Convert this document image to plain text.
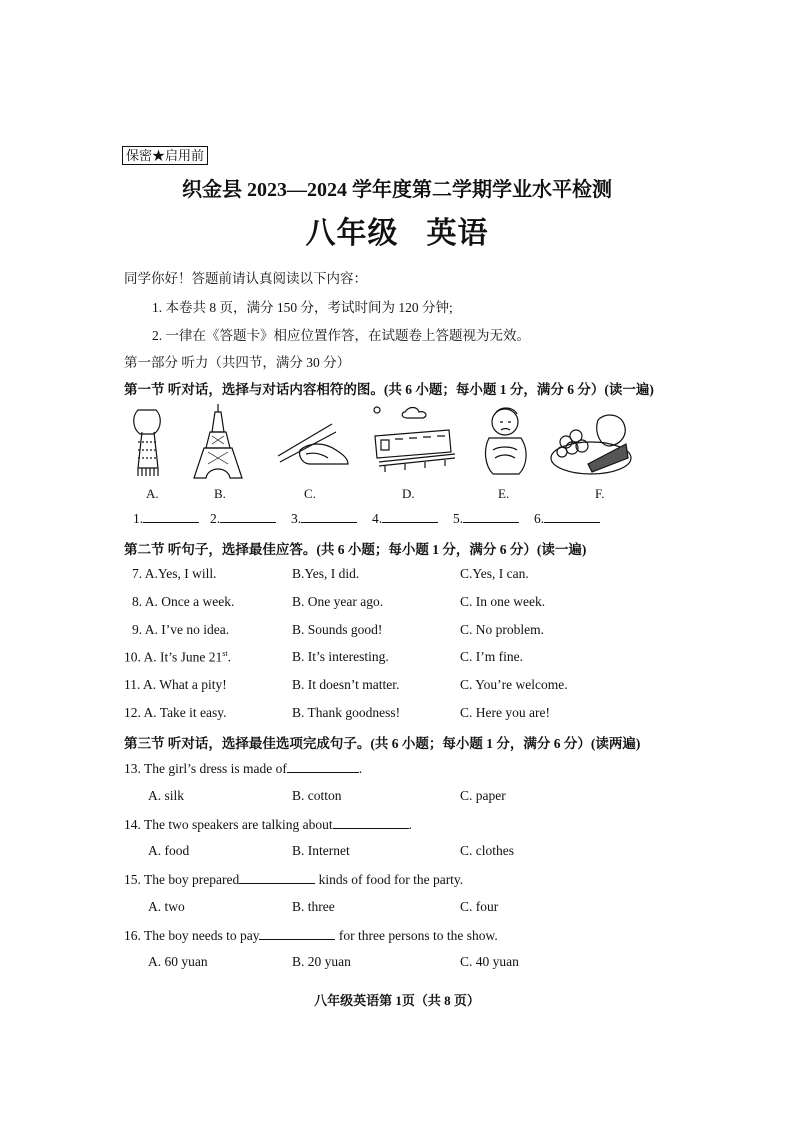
保密★启用前
织金县 2023—2024 学年度第二学期学业水平检测
八年级 英语
同学你好！答题前请认真阅读以下内容：
1. 本卷共 8 页，满分 150 分，考试时间为 120 分钟;
2. 一律在《答题卡》相应位置作答，在试题卷上答题视为无效。
第一部分 听力（共四节，满分 30 分）
第一节 听对话，选择与对话内容相符的图。(共 6 小题；每小题 1 分，满分 6 分）(读一遍)
A.	B.	C.	D.	E.	F.
1.	2.	3.	4.	5.	6.
第二节 听句子，选择最佳应答。(共 6 小题；每小题 1 分，满分 6 分）(读一遍)
7. A.Yes, I will.	B.Yes, I did.	C.Yes, I can.
8. A. Once a week.	B. One year ago.	C. In one week.
9. A. I’ve no idea.	B. Sounds good!	C. No problem.
10. A. It’s June 21st.	B. It’s interesting.	C. I’m fine.
11. A. What a pity!	B. It doesn’t matter.	C. You’re welcome.
12. A. Take it easy.	B. Thank goodness!	C. Here you are!
第三节 听对话，选择最佳选项完成句子。(共 6 小题；每小题 1 分，满分 6 分）(读两遍)
13. The girl’s dress is made of	.
A. silk	B. cotton	C. paper
14. The two speakers are talking about	.
A. food	B. Internet	C. clothes
15. The boy prepared	kinds of food for the party.
A. two	B. three	C. four
16. The boy needs to pay	for three persons to the show.
A. 60 yuan	B. 20 yuan	C. 40 yuan
八年级英语第 1页（共 8 页）
